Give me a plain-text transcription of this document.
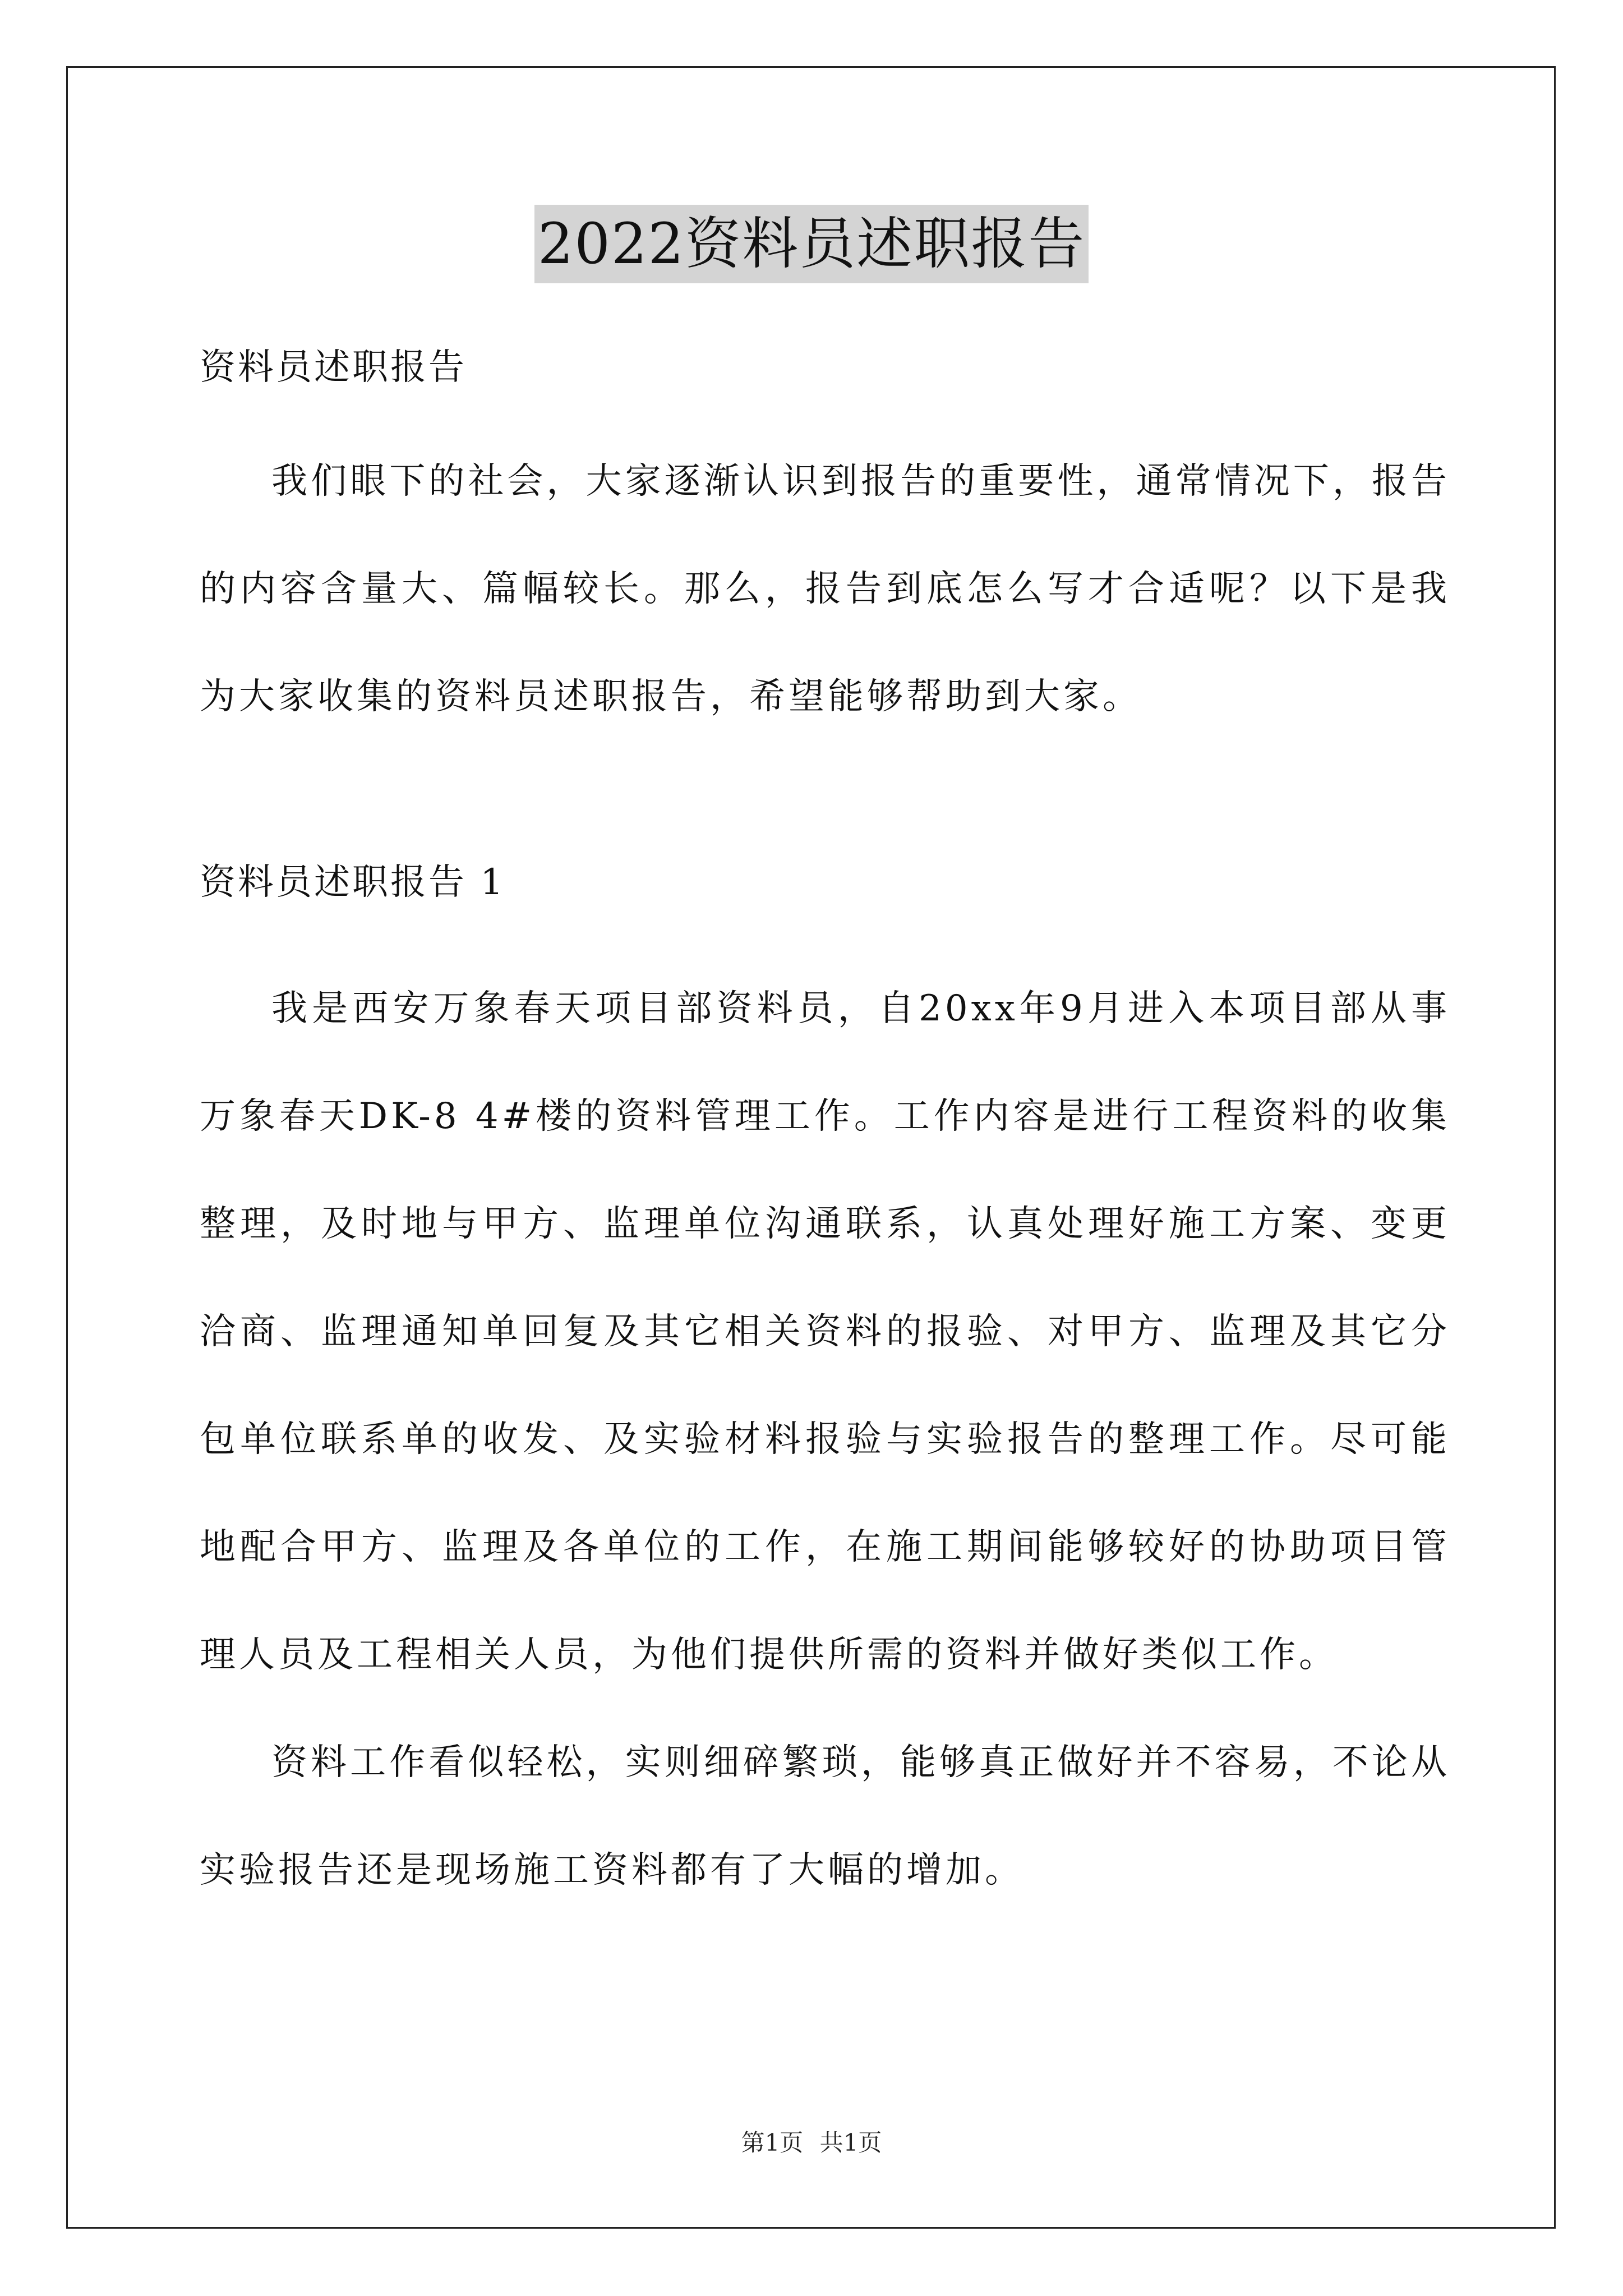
2022资料员述职报告

资料员述职报告

我们眼下的社会，大家逐渐认识到报告的重要性，通常情况下，报告的内容含量大、篇幅较长。那么，报告到底怎么写才合适呢？以下是我为大家收集的资料员述职报告，希望能够帮助到大家。

资料员述职报告 1

我是西安万象春天项目部资料员，自20xx年9月进入本项目部从事万象春天DK-8 4#楼的资料管理工作。工作内容是进行工程资料的收集整理，及时地与甲方、监理单位沟通联系，认真处理好施工方案、变更洽商、监理通知单回复及其它相关资料的报验、对甲方、监理及其它分包单位联系单的收发、及实验材料报验与实验报告的整理工作。尽可能地配合甲方、监理及各单位的工作，在施工期间能够较好的协助项目管理人员及工程相关人员，为他们提供所需的资料并做好类似工作。

资料工作看似轻松，实则细碎繁琐，能够真正做好并不容易，不论从实验报告还是现场施工资料都有了大幅的增加。

第1页 共1页
